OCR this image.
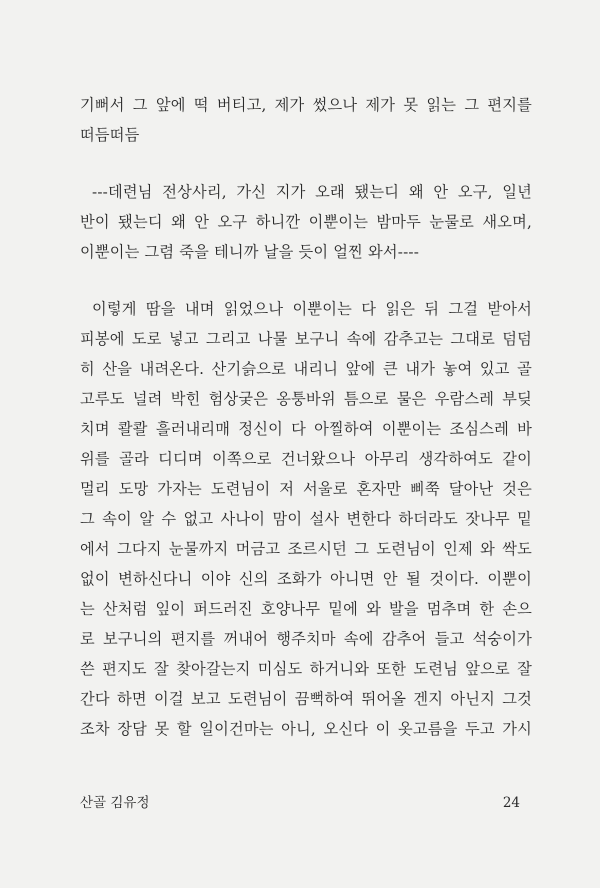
기뻐서 그 앞에 떡 버티고, 제가 썼으나 제가 못 읽는 그 편지를
떠듬떠듬
---데련님 전상사리, 가신 지가 오래 됐는디 왜 안 오구, 일년
반이 됐는디 왜 안 오구 하니깐 이뿐이는 밤마두 눈물로 새오며,
이뿐이는 그렴 죽을 테니까 날을 듯이 얼찐 와서----
이렇게 땀을 내며 읽었으나 이뿐이는 다 읽은 뒤 그걸 받아서
피봉에 도로 넣고 그리고 나물 보구니 속에 감추고는 그대로 덤덤
히 산을 내려온다. 산기슭으로 내리니 앞에 큰 내가 놓여 있고 골
고루도 널려 박힌 험상궂은 옹퉁바위 틈으로 물은 우람스레 부딪
치며 콸콸 흘러내리매 정신이 다 아찔하여 이뿐이는 조심스레 바
위를 골라 디디며 이쪽으로 건너왔으나 아무리 생각하여도 같이
멀리 도망 가자는 도련님이 저 서울로 혼자만 삐쭉 달아난 것은
그 속이 알 수 없고 사나이 맘이 설사 변한다 하더라도 잣나무 밑
에서 그다지 눈물까지 머금고 조르시던 그 도련님이 인제 와 싹도
없이 변하신다니 이야 신의 조화가 아니면 안 될 것이다. 이뿐이
는 산처럼 잎이 퍼드러진 호양나무 밑에 와 발을 멈추며 한 손으
로 보구니의 편지를 꺼내어 행주치마 속에 감추어 들고 석숭이가
쓴 편지도 잘 찾아갈는지 미심도 하거니와 또한 도련님 앞으로 잘
간다 하면 이걸 보고 도련님이 끔뻑하여 뛰어올 겐지 아닌지 그것
조차 장담 못 할 일이건마는 아니, 오신다 이 옷고름을 두고 가시
산골 김유정	24
